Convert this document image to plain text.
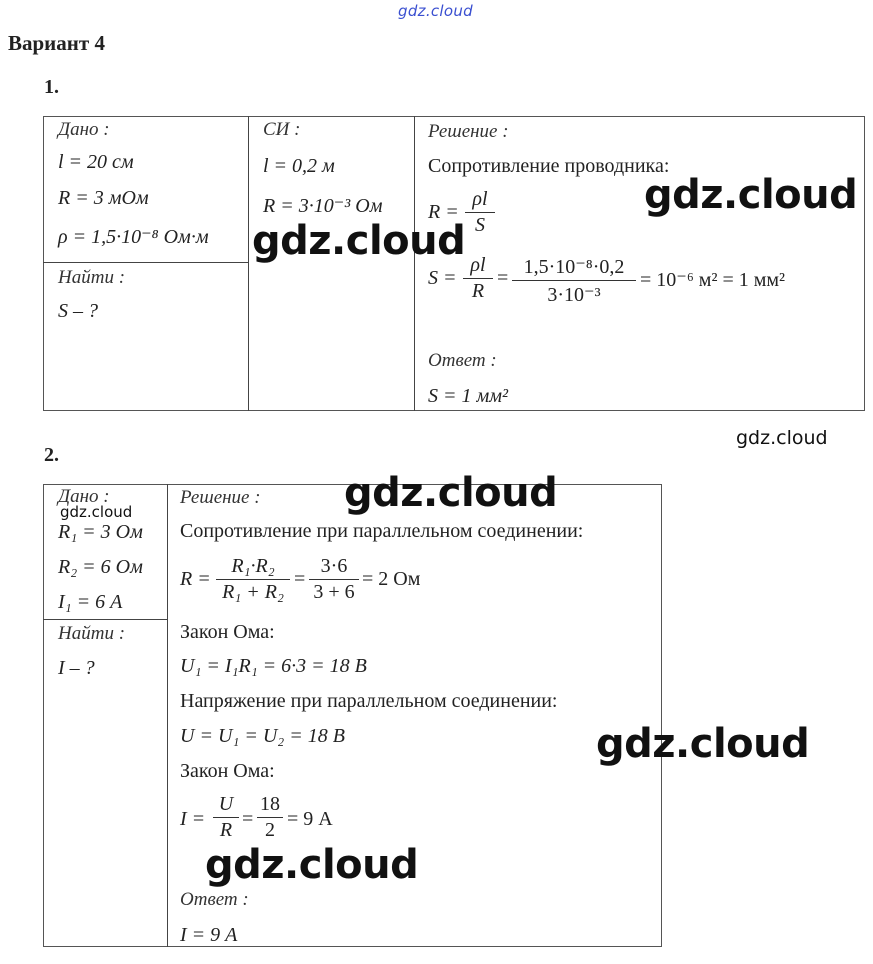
gdz.cloud
Вариант 4
1.
Дано :
l = 20 см
R = 3 мОм
ρ = 1,5·10⁻⁸ Ом·м
Найти :
S – ?
СИ :
l = 0,2 м
R = 3·10⁻³ Ом
Решение :
Сопротивление проводника:
R =
ρl
S
S =
ρl
R
= 1,5·10⁻⁸·0,2
3·10⁻³
= 10⁻⁶ м² = 1 мм²
Ответ :
S = 1 мм²
gdz.cloud
gdz.cloud
gdz.cloud
2.
Дано :
R₁ = 3 Ом
R₂ = 6 Ом
I₁ = 6 А
Найти :
I – ?
Решение :
Сопротивление при параллельном соединении:
R =
R₁·R₂
R₁ + R₂
=
3·6
3 + 6
= 2 Ом
Закон Ома:
U₁ = I₁R₁ = 6·3 = 18 В
Напряжение при параллельном соединении:
U = U₁ = U₂ = 18 В
Закон Ома:
I =
U
R =
18
2 = 9 А
Ответ :
I = 9 А
gdz.cloud	gdz.cloud
gdz.cloud
gdz.cloud
